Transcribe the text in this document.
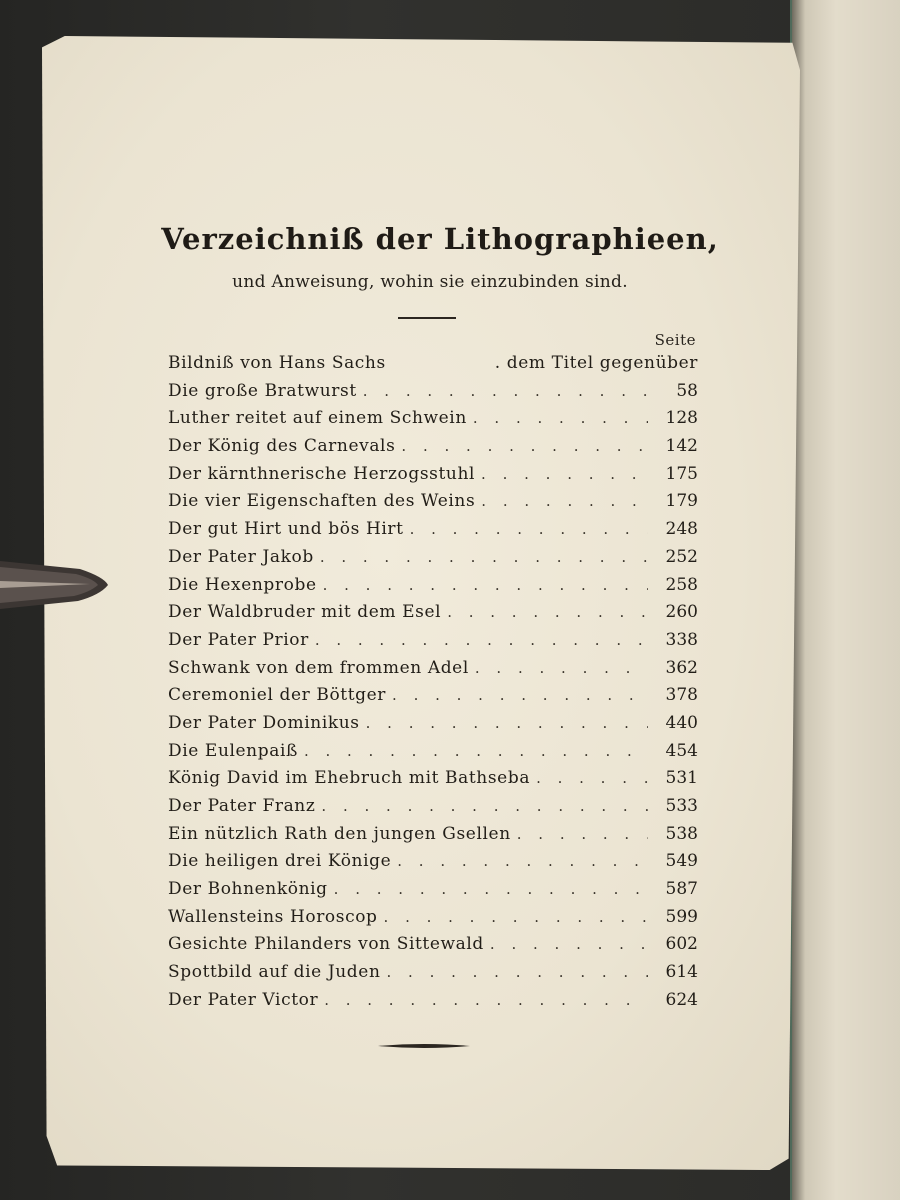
Verzeichniß der Lithographieen,
und Anweisung, wohin sie einzubinden sind.
Seite
Bildniß von Hans Sachs	. dem Titel gegenüber
Die große Bratwurst . . .	58
Luther reitet auf einem Schwein . . .	128
Der König des Carnevals . . .	142
Der kärnthnerische Herzogsstuhl . . .	175
Die vier Eigenschaften des Weins . . .	179
Der gut Hirt und bös Hirt . . .	248
Der Pater Jakob . . .	252
Die Hexenprobe . . .	258
Der Waldbruder mit dem Esel . . .	260
Der Pater Prior . . .	338
Schwank von dem frommen Adel . . .	362
Ceremoniel der Böttger . . .	378
Der Pater Dominikus . . .	440
Die Eulenpaiß . . .	454
König David im Ehebruch mit Bathseba . . .	531
Der Pater Franz . . .	533
Ein nützlich Rath den jungen Gsellen . . .	538
Die heiligen drei Könige . . .	549
Der Bohnenkönig . . .	587
Wallensteins Horoscop . . .	599
Gesichte Philanders von Sittewald . . .	602
Spottbild auf die Juden . . .	614
Der Pater Victor . . .	624
